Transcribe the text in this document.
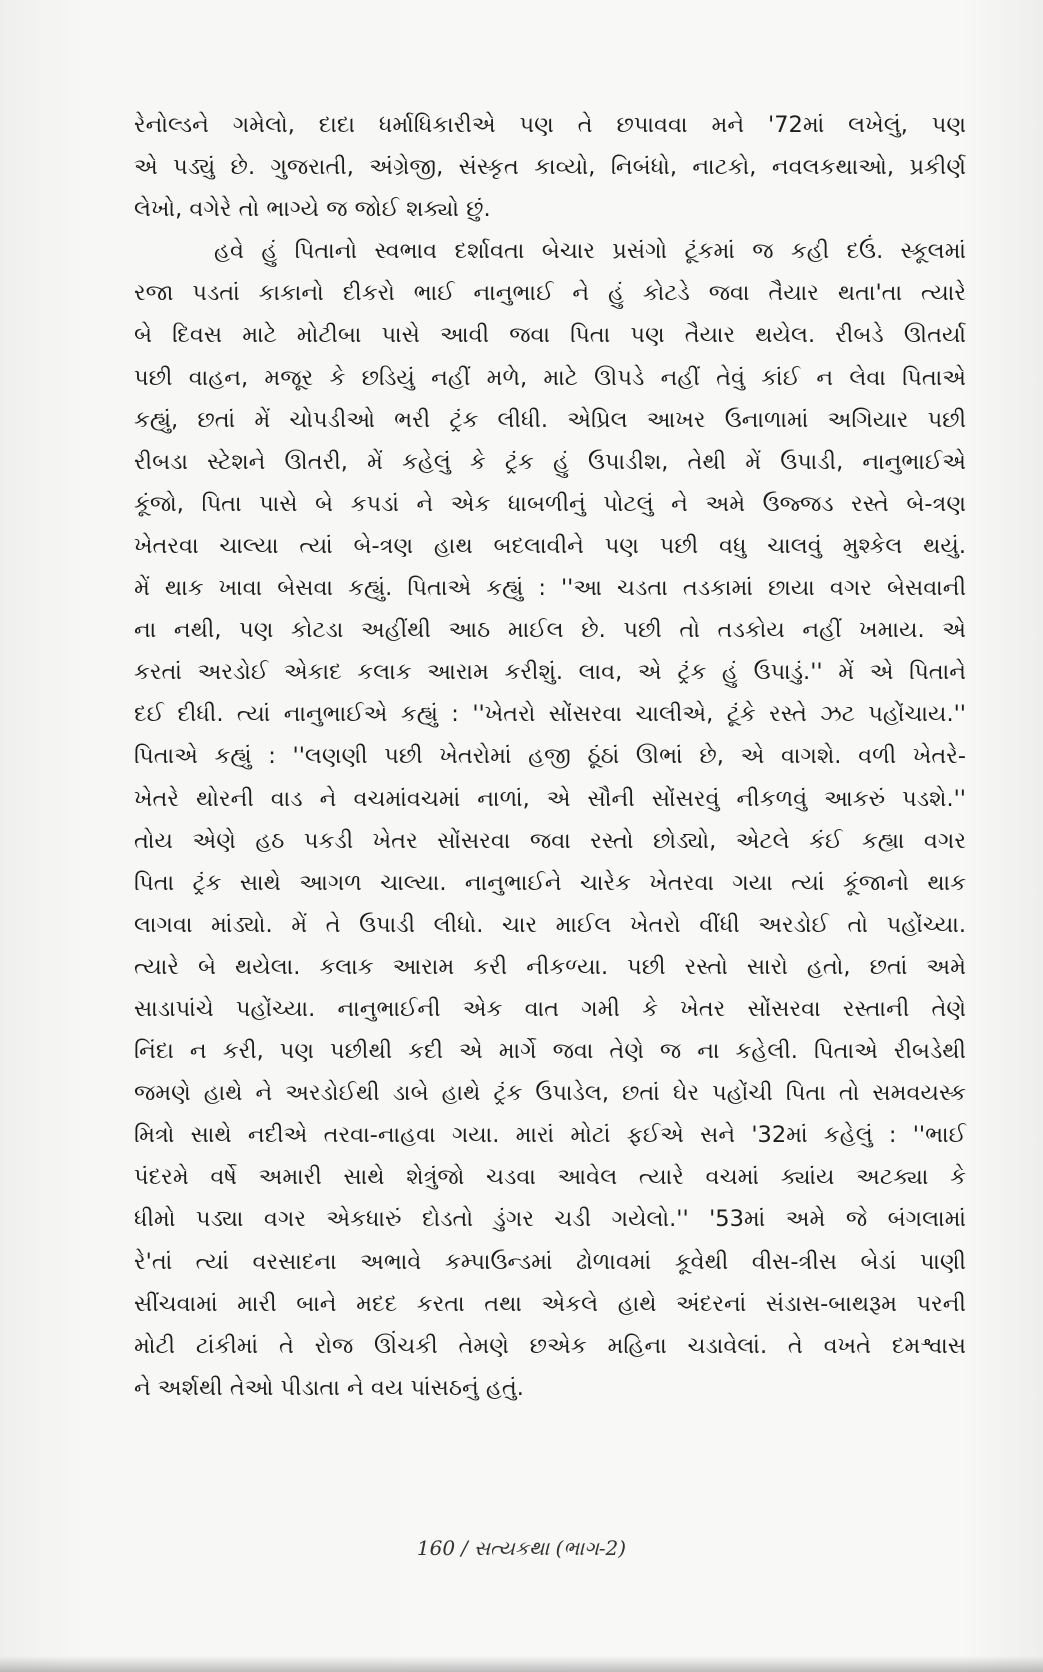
રેનોલ્ડને ગમેલો, દાદા ધર્માધિકારીએ પણ તે છપાવવા મને '72માં લખેલું, પણ
એ પડ્યું છે. ગુજરાતી, અંગ્રેજી, સંસ્કૃત કાવ્યો, નિબંધો, નાટકો, નવલકથાઓ, પ્રકીર્ણ
લેખો, વગેરે તો ભાગ્યે જ જોઈ શક્યો છું.
હવે હું પિતાનો સ્વભાવ દર્શાવતા બેચાર પ્રસંગો ટૂંકમાં જ કહી દઉં. સ્કૂલમાં
રજા પડતાં કાકાનો દીકરો ભાઈ નાનુભાઈ ને હું કોટડે જવા તૈયાર થતા'તા ત્યારે
બે દિવસ માટે મોટીબા પાસે આવી જવા પિતા પણ તૈયાર થયેલ. રીબડે ઊતર્યા
પછી વાહન, મજૂર કે છડિયું નહીં મળે, માટે ઊપડે નહીં તેવું કાંઈ ન લેવા પિતાએ
કહ્યું, છતાં મેં ચોપડીઓ ભરી ટ્રંક લીધી. એપ્રિલ આખર ઉનાળામાં અગિયાર પછી
રીબડા સ્ટેશને ઊતરી, મેં કહેલું કે ટ્રંક હું ઉપાડીશ, તેથી મેં ઉપાડી, નાનુભાઈએ
કૂંજો, પિતા પાસે બે કપડાં ને એક ધાબળીનું પોટલું ને અમે ઉજ્જડ રસ્તે બે-ત્રણ
ખેતરવા ચાલ્યા ત્યાં બે-ત્રણ હાથ બદલાવીને પણ પછી વધુ ચાલવું મુશ્કેલ થયું.
મેં થાક ખાવા બેસવા કહ્યું. પિતાએ કહ્યું : ''આ ચડતા તડકામાં છાયા વગર બેસવાની
ના નથી, પણ કોટડા અહીંથી આઠ માઈલ છે. પછી તો તડકોય નહીં ખમાય. એ
કરતાં અરડોઈ એકાદ કલાક આરામ કરીશું. લાવ, એ ટ્રંક હું ઉપાડું.'' મેં એ પિતાને
દઈ દીધી. ત્યાં નાનુભાઈએ કહ્યું : ''ખેતરો સોંસરવા ચાલીએ, ટૂંકે રસ્તે ઝટ પહોંચાય.''
પિતાએ કહ્યું : ''લણણી પછી ખેતરોમાં હજી ઠૂંઠાં ઊભાં છે, એ વાગશે. વળી ખેતરે-
ખેતરે થોરની વાડ ને વચમાંવચમાં નાળાં, એ સૌની સોંસરવું નીકળવું આકરું પડશે.''
તોય એણે હઠ પકડી ખેતર સોંસરવા જવા રસ્તો છોડ્યો, એટલે કંઈ કહ્યા વગર
પિતા ટ્રંક સાથે આગળ ચાલ્યા. નાનુભાઈને ચારેક ખેતરવા ગયા ત્યાં કૂંજાનો થાક
લાગવા માંડ્યો. મેં તે ઉપાડી લીધો. ચાર માઈલ ખેતરો વીંધી અરડોઈ તો પહોંચ્યા.
ત્યારે બે થયેલા. કલાક આરામ કરી નીકળ્યા. પછી રસ્તો સારો હતો, છતાં અમે
સાડાપાંચે પહોંચ્યા. નાનુભાઈની એક વાત ગમી કે ખેતર સોંસરવા રસ્તાની તેણે
નિંદા ન કરી, પણ પછીથી કદી એ માર્ગે જવા તેણે જ ના કહેલી. પિતાએ રીબડેથી
જમણે હાથે ને અરડોઈથી ડાબે હાથે ટ્રંક ઉપાડેલ, છતાં ઘેર પહોંચી પિતા તો સમવયસ્ક
મિત્રો સાથે નદીએ તરવા-નાહવા ગયા. મારાં મોટાં ફઈએ સને '32માં કહેલું : ''ભાઈ
પંદરમે વર્ષે અમારી સાથે શેત્રુંજો ચડવા આવેલ ત્યારે વચમાં ક્યાંય અટક્યા કે
ધીમો પડ્યા વગર એકધારું દોડતો ડુંગર ચડી ગયેલો.'' '53માં અમે જે બંગલામાં
રે'તાં ત્યાં વરસાદના અભાવે કમ્પાઉન્ડમાં ઢોળાવમાં કૂવેથી વીસ-ત્રીસ બેડાં પાણી
સીંચવામાં મારી બાને મદદ કરતા તથા એકલે હાથે અંદરનાં સંડાસ-બાથરૂમ પરની
મોટી ટાંકીમાં તે રોજ ઊંચકી તેમણે છએક મહિના ચડાવેલાં. તે વખતે દમશ્વાસ
ને અર્શથી તેઓ પીડાતા ને વય પાંસઠનું હતું.
160 / સત્યકથા (ભાગ-2)
